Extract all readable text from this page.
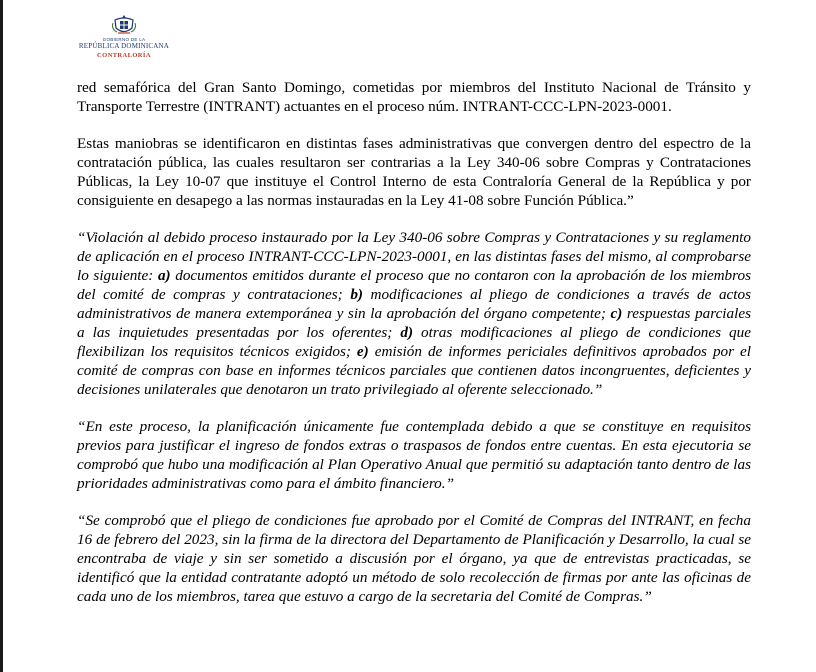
GOBIERNO DE LA
REPÚBLICA DOMINICANA
CONTRALORÍA

red semafórica del Gran Santo Domingo, cometidas por miembros del Instituto Nacional de Tránsito y Transporte Terrestre (INTRANT) actuantes en el proceso núm. INTRANT-CCC-LPN-2023-0001.

Estas maniobras se identificaron en distintas fases administrativas que convergen dentro del espectro de la contratación pública, las cuales resultaron ser contrarias a la Ley 340-06 sobre Compras y Contrataciones Públicas, la Ley 10-07 que instituye el Control Interno de esta Contraloría General de la República y por consiguiente en desapego a las normas instauradas en la Ley 41-08 sobre Función Pública.”

“Violación al debido proceso instaurado por la Ley 340-06 sobre Compras y Contrataciones y su reglamento de aplicación en el proceso INTRANT-CCC-LPN-2023-0001, en las distintas fases del mismo, al comprobarse lo siguiente: a) documentos emitidos durante el proceso que no contaron con la aprobación de los miembros del comité de compras y contrataciones; b) modificaciones al pliego de condiciones a través de actos administrativos de manera extemporánea y sin la aprobación del órgano competente; c) respuestas parciales a las inquietudes presentadas por los oferentes; d) otras modificaciones al pliego de condiciones que flexibilizan los requisitos técnicos exigidos; e) emisión de informes periciales definitivos aprobados por el comité de compras con base en informes técnicos parciales que contienen datos incongruentes, deficientes y decisiones unilaterales que denotaron un trato privilegiado al oferente seleccionado.”

“En este proceso, la planificación únicamente fue contemplada debido a que se constituye en requisitos previos para justificar el ingreso de fondos extras o traspasos de fondos entre cuentas. En esta ejecutoria se comprobó que hubo una modificación al Plan Operativo Anual que permitió su adaptación tanto dentro de las prioridades administrativas como para el ámbito financiero.”

“Se comprobó que el pliego de condiciones fue aprobado por el Comité de Compras del INTRANT, en fecha 16 de febrero del 2023, sin la firma de la directora del Departamento de Planificación y Desarrollo, la cual se encontraba de viaje y sin ser sometido a discusión por el órgano, ya que de entrevistas practicadas, se identificó que la entidad contratante adoptó un método de solo recolección de firmas por ante las oficinas de cada uno de los miembros, tarea que estuvo a cargo de la secretaria del Comité de Compras.”
